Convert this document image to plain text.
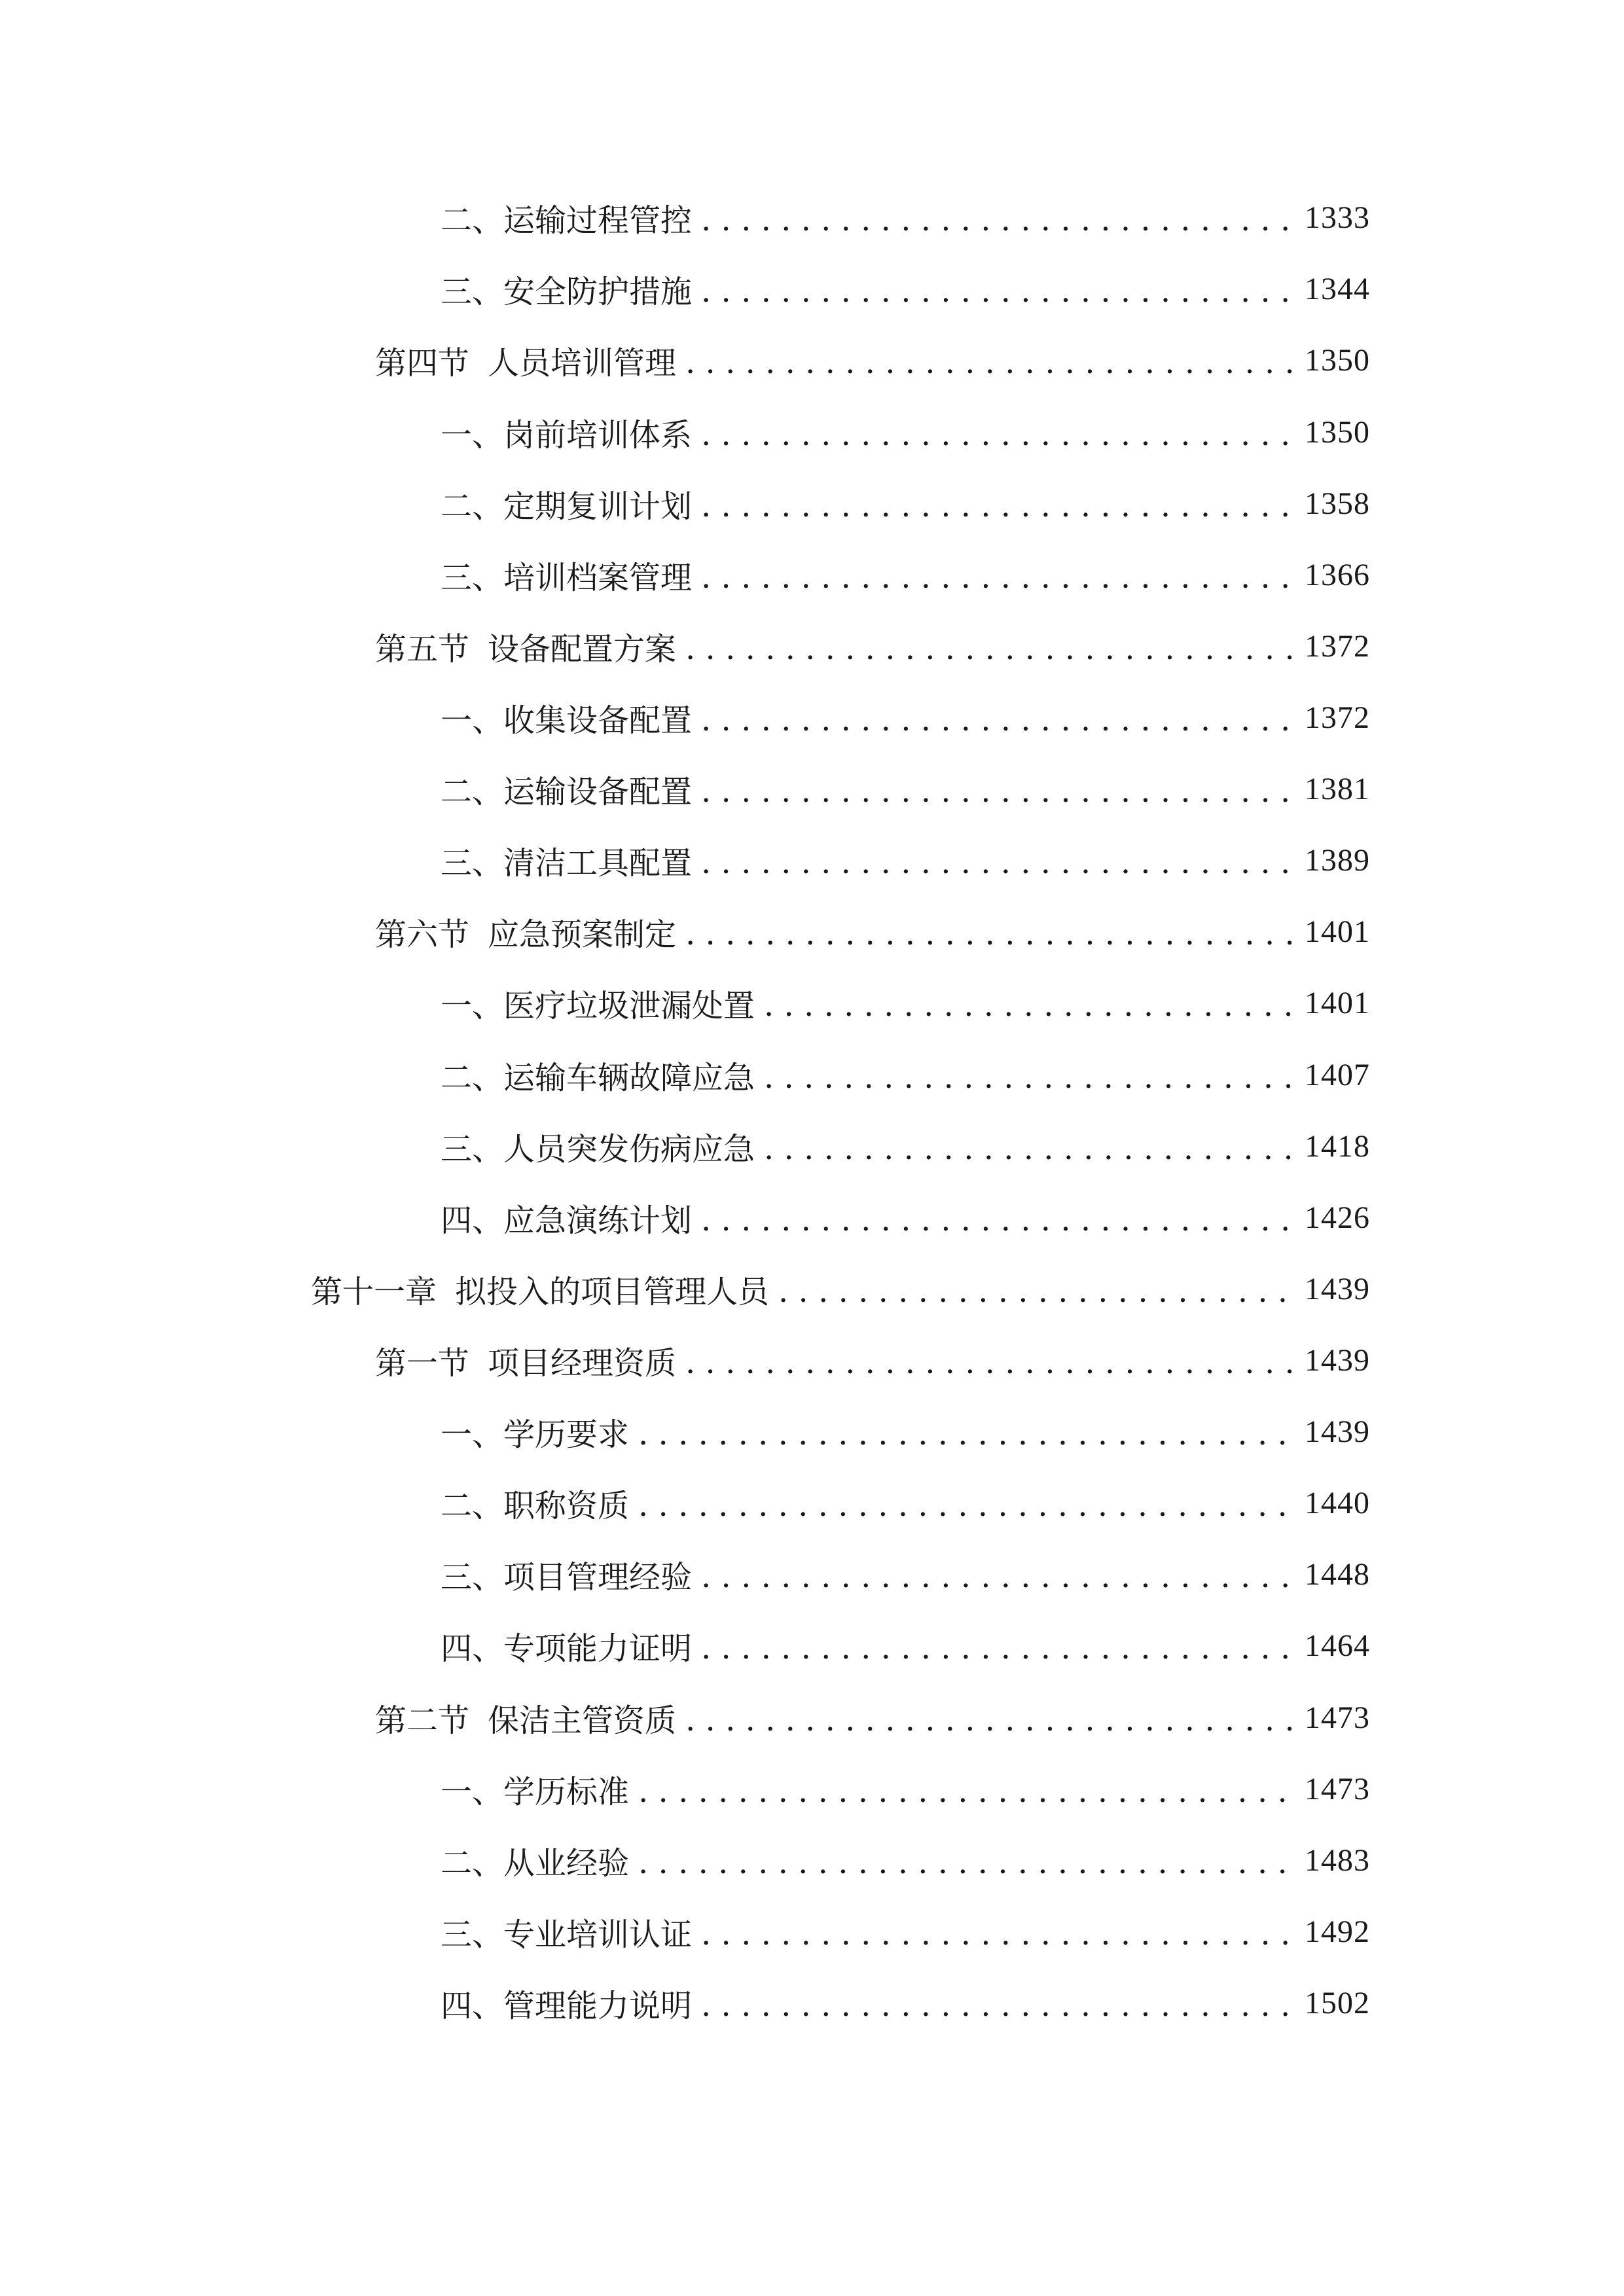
二、 运输过程管控 . . .	1333
三、 安全防护措施 . . .	1344
第四节 人员培训管理 . . .	1350
一、 岗前培训体系 . . .	1350
二、 定期复训计划 . . .	1358
三、 培训档案管理 . . .	1366
第五节 设备配置方案 . . .	1372
一、 收集设备配置 . . .	1372
二、 运输设备配置 . . .	1381
三、 清洁工具配置 . . .	1389
第六节 应急预案制定 . . .	1401
一、 医疗垃圾泄漏处置 . . .	1401
二、 运输车辆故障应急 . . .	1407
三、 人员突发伤病应急 . . .	1418
四、 应急演练计划 . . .	1426
第十一章 拟投入的项目管理人员 . . .	1439
第一节 项目经理资质 . . .	1439
一、 学历要求 . . .	1439
二、 职称资质 . . .	1440
三、 项目管理经验 . . .	1448
四、 专项能力证明 . . .	1464
第二节 保洁主管资质 . . .	1473
一、 学历标准 . . .	1473
二、 从业经验 . . .	1483
三、 专业培训认证 . . .	1492
四、 管理能力说明 . . .	1502
